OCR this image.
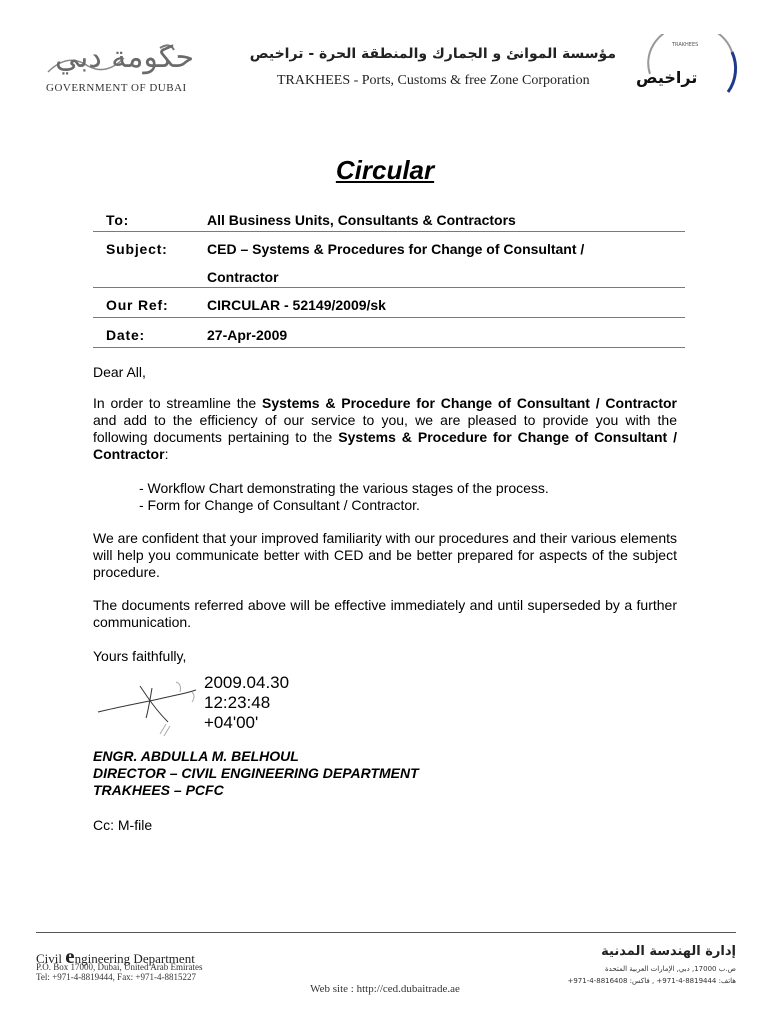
حكومة دبي
GOVERNMENT OF DUBAI
مؤسسة الموانئ و الجمارك والمنطقة الحرة - تراخيص
TRAKHEES - Ports, Customs & free Zone Corporation
TRAKHEES
تراخيص
Circular
To:	All Business Units, Consultants & Contractors
Subject:	CED – Systems & Procedures for Change of Consultant /
Contractor
Our Ref:	CIRCULAR - 52149/2009/sk
Date:	27-Apr-2009
Dear All,
In order to streamline the Systems & Procedure for Change of Consultant / Contractor and add to the efficiency of our service to you, we are pleased to provide you with the following documents pertaining to the Systems & Procedure for Change of Consultant / Contractor:
- Workflow Chart demonstrating the various stages of the process.
- Form for Change of Consultant / Contractor.
We are confident that your improved familiarity with our procedures and their various elements will help you communicate better with CED and be better prepared for aspects of the subject procedure.
The documents referred above will be effective immediately and until superseded by a further communication.
Yours faithfully,
2009.04.30
12:23:48
+04'00'
ENGR. ABDULLA M. BELHOUL
DIRECTOR – CIVIL ENGINEERING DEPARTMENT
TRAKHEES – PCFC
Cc: M-file
Civil engineering Department
P.O. Box 17000, Dubai, United Arab Emirates
Tel: +971-4-8819444, Fax: +971-4-8815227
إدارة الهندسة المدنية
ص.ب 17000, دبي, الإمارات العربية المتحدة
هاتف: 8819444-4-971+ , فاكس: 8816408-4-971+
Web site : http://ced.dubaitrade.ae
